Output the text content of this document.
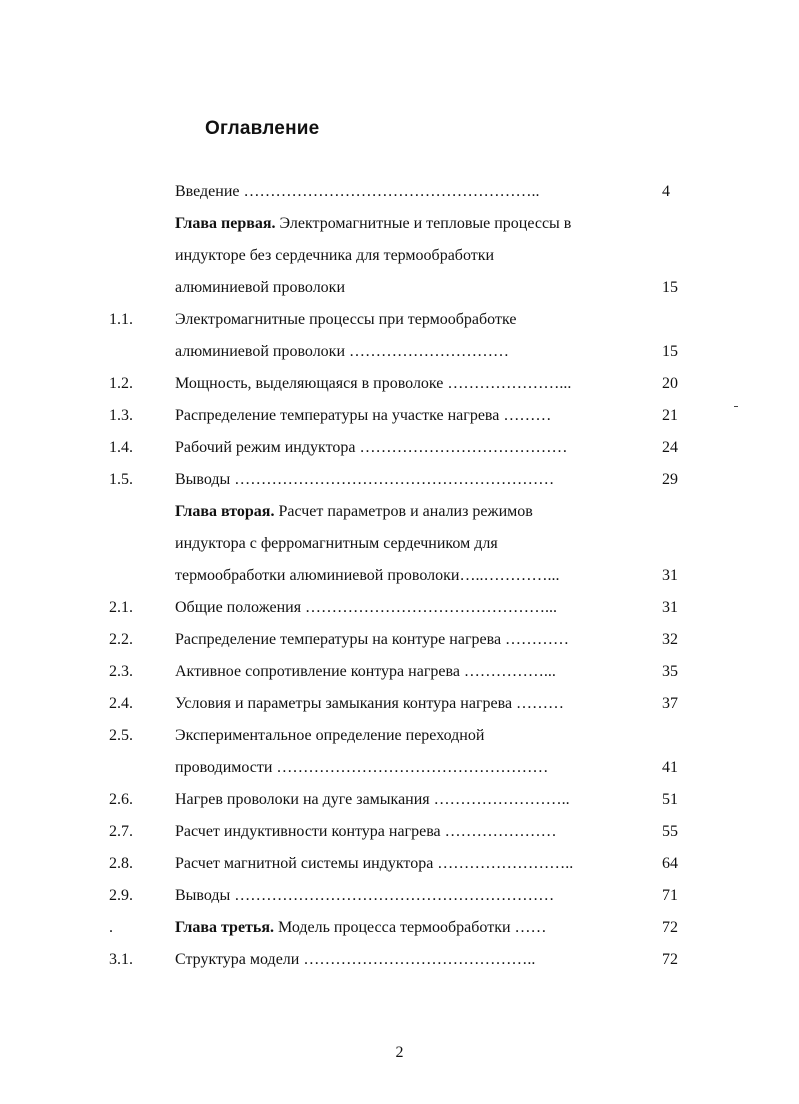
Оглавление
Введение ………………………………………………..	4
Глава первая. Электромагнитные и тепловые процессы в
индукторе без сердечника для термообработки
алюминиевой проволоки	15
1.1.	Электромагнитные процессы при термообработке
алюминиевой проволоки …………………………	15
1.2.	Мощность, выделяющаяся в проволоке …………………...	20
1.3.	Распределение температуры на участке нагрева ………	21
1.4.	Рабочий режим индуктора …………………………………	24
1.5.	Выводы ……………………………………………………	29
Глава вторая. Расчет параметров и анализ режимов
индуктора с ферромагнитным сердечником для
термообработки алюминиевой проволоки…..…………...	31
2.1.	Общие положения ………………………………………...	31
2.2.	Распределение температуры на контуре нагрева …………	32
2.3.	Активное сопротивление контура нагрева ……………...	35
2.4.	Условия и параметры замыкания контура нагрева ………	37
2.5.	Экспериментальное определение переходной
проводимости ……………………………………………	41
2.6.	Нагрев проволоки на дуге замыкания ……………………..	51
2.7.	Расчет индуктивности контура нагрева …………………	55
2.8.	Расчет магнитной системы индуктора ……………………..	64
2.9.	Выводы ……………………………………………………	71
.	Глава третья. Модель процесса термообработки ……	72
3.1.	Структура модели ……………………………………..	72
2
